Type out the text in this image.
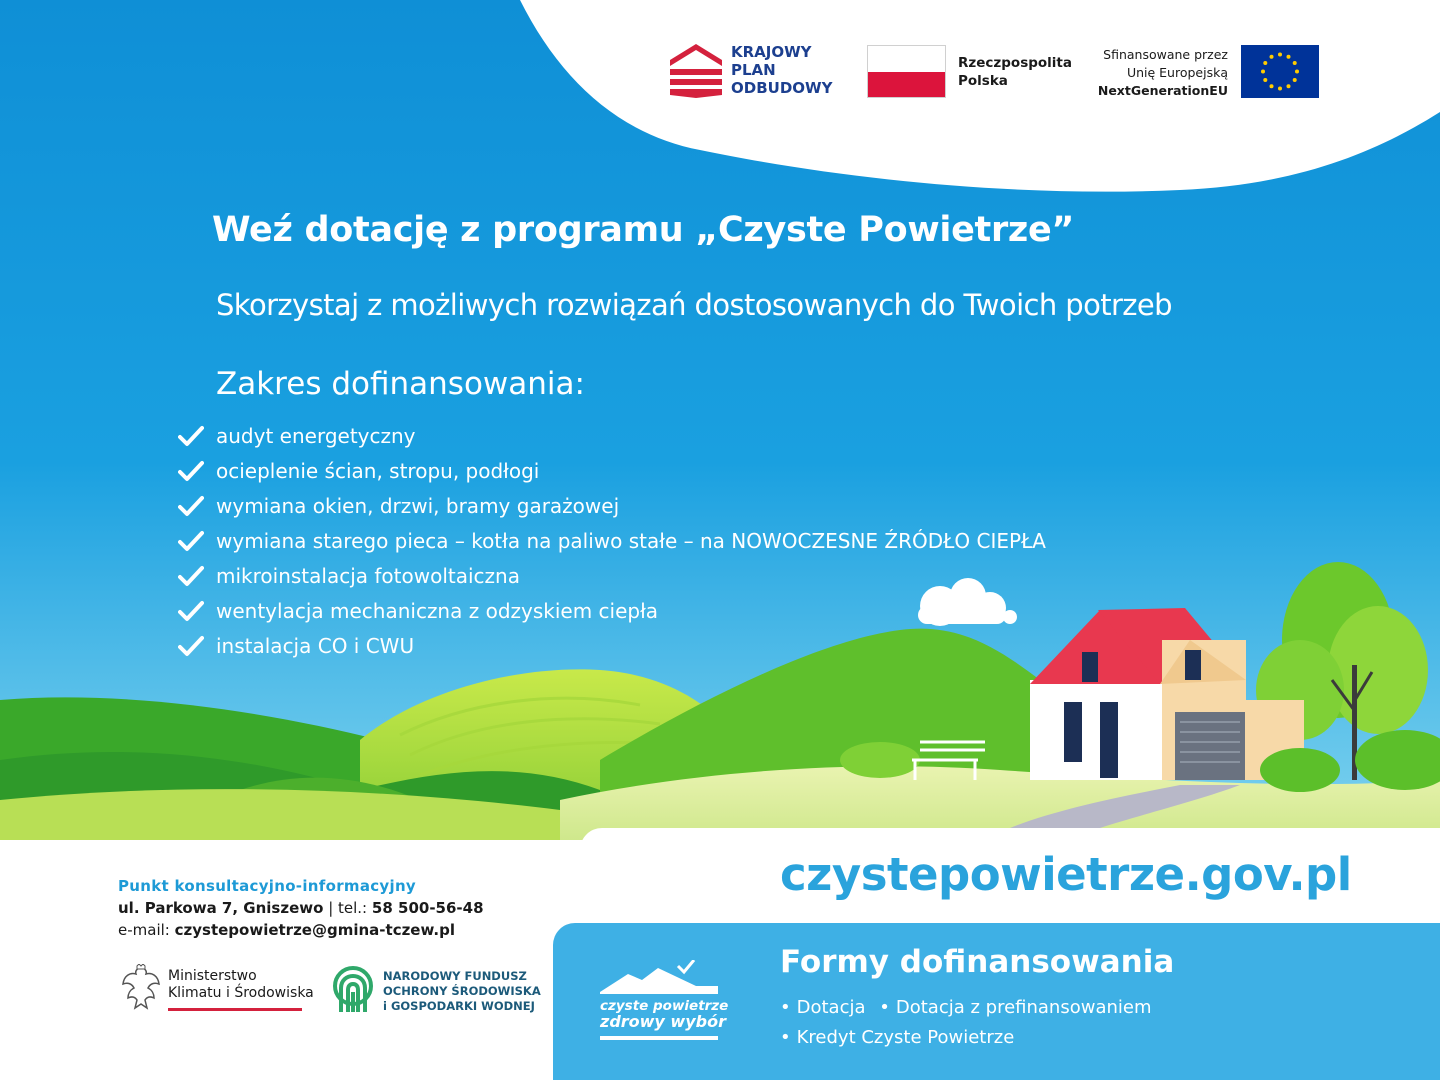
KRAJOWY
PLAN
ODBUDOWY
Rzeczpospolita
Polska
Sfinansowane przez
Unię Europejską
NextGenerationEU
Weź dotację z programu „Czyste Powietrze”
Skorzystaj z możliwych rozwiązań dostosowanych do Twoich potrzeb
Zakres dofinansowania:
audyt energetyczny
ocieplenie ścian, stropu, podłogi
wymiana okien, drzwi, bramy garażowej
wymiana starego pieca – kotła na paliwo stałe – na NOWOCZESNE ŹRÓDŁO CIEPŁA
mikroinstalacja fotowoltaiczna
wentylacja mechaniczna z odzyskiem ciepła
instalacja CO i CWU
Punkt konsultacyjno-informacyjny
ul. Parkowa 7, Gniszewo | tel.: 58 500-56-48
e-mail: czystepowietrze@gmina-tczew.pl
Ministerstwo
Klimatu i Środowiska
NARODOWY FUNDUSZ
OCHRONY ŚRODOWISKA
i GOSPODARKI WODNEJ
czystepowietrze.gov.pl
czyste powietrze
zdrowy wybór
Formy dofinansowania
• Dotacja • Dotacja z prefinansowaniem
• Kredyt Czyste Powietrze
